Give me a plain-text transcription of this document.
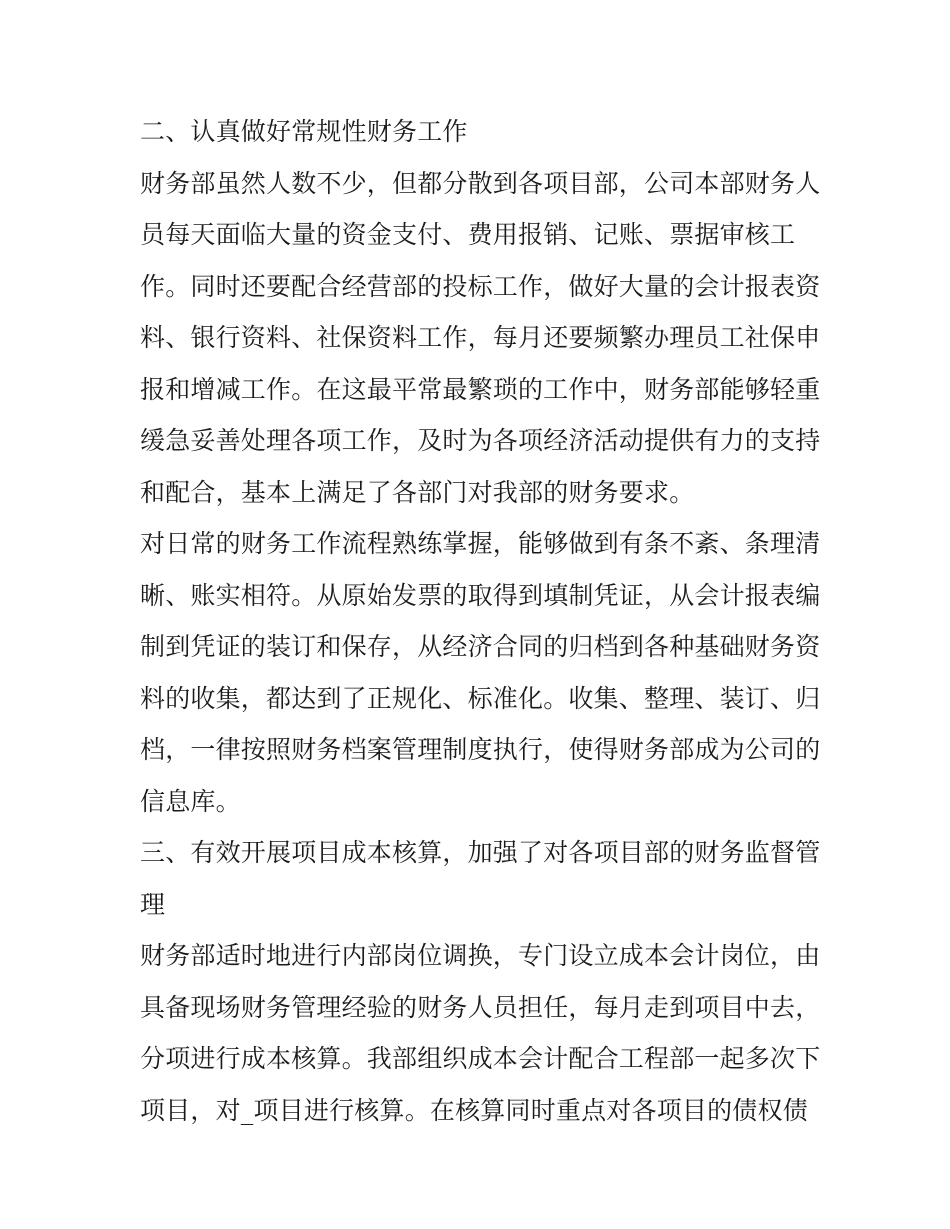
二、认真做好常规性财务工作
财务部虽然人数不少，但都分散到各项目部，公司本部财务人
员每天面临大量的资金支付、费用报销、记账、票据审核工
作。同时还要配合经营部的投标工作，做好大量的会计报表资
料、银行资料、社保资料工作，每月还要频繁办理员工社保申
报和增减工作。在这最平常最繁琐的工作中，财务部能够轻重
缓急妥善处理各项工作，及时为各项经济活动提供有力的支持
和配合，基本上满足了各部门对我部的财务要求。
对日常的财务工作流程熟练掌握，能够做到有条不紊、条理清
晰、账实相符。从原始发票的取得到填制凭证，从会计报表编
制到凭证的装订和保存，从经济合同的归档到各种基础财务资
料的收集，都达到了正规化、标准化。收集、整理、装订、归
档，一律按照财务档案管理制度执行，使得财务部成为公司的
信息库。
三、有效开展项目成本核算，加强了对各项目部的财务监督管
理
财务部适时地进行内部岗位调换，专门设立成本会计岗位，由
具备现场财务管理经验的财务人员担任，每月走到项目中去，
分项进行成本核算。我部组织成本会计配合工程部一起多次下
项目，对_项目进行核算。在核算同时重点对各项目的债权债
